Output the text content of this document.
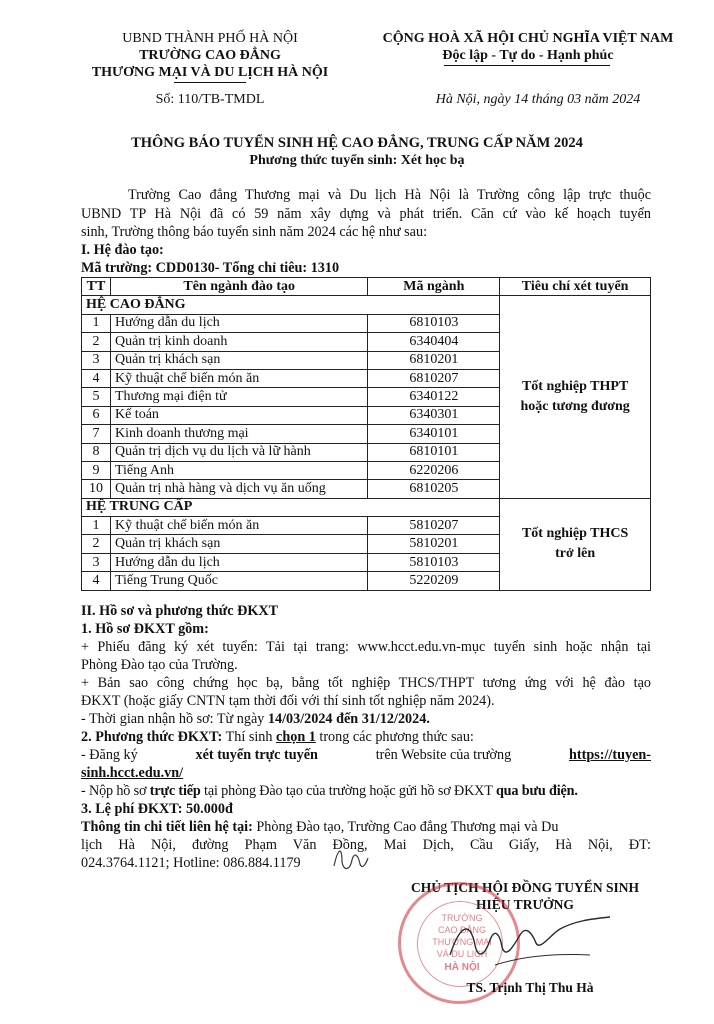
UBND THÀNH PHỐ HÀ NỘI
TRƯỜNG CAO ĐẲNG
THƯƠNG MẠI VÀ DU LỊCH HÀ NỘI
Số: 110/TB-TMDL
CỘNG HOÀ XÃ HỘI CHỦ NGHĨA VIỆT NAM
Độc lập - Tự do - Hạnh phúc
Hà Nội, ngày 14 tháng 03 năm 2024
THÔNG BÁO TUYỂN SINH HỆ CAO ĐẲNG, TRUNG CẤP NĂM 2024
Phương thức tuyển sinh: Xét học bạ
Trường Cao đẳng Thương mại và Du lịch Hà Nội là Trường công lập trực thuộc
UBND TP Hà Nội đã có 59 năm xây dựng và phát triển. Căn cứ vào kế hoạch tuyển
sinh, Trường thông báo tuyển sinh năm 2024 các hệ như sau:
I. Hệ đào tạo:
Mã trường: CDD0130- Tổng chỉ tiêu: 1310
TT	Tên ngành đào tạo	Mã ngành	Tiêu chí xét tuyển
HỆ CAO ĐẲNG			Tốt nghiệp THPT
hoặc tương đương

1	Hướng dẫn du lịch	6810103	
2	Quản trị kinh doanh	6340404	
3	Quản trị khách sạn	6810201	
4	Kỹ thuật chế biến món ăn	6810207	
5	Thương mại điện tử	6340122	
6	Kế toán	6340301	
7	Kinh doanh thương mại	6340101	
8	Quản trị dịch vụ du lịch và lữ hành	6810101	
9	Tiếng Anh	6220206	
10	Quản trị nhà hàng và dịch vụ ăn uống	6810205	
HỆ TRUNG CẤP			Tốt nghiệp THCS
trở lên

1	Kỹ thuật chế biến món ăn	5810207	
2	Quản trị khách sạn	5810201	
3	Hướng dẫn du lịch	5810103	
4	Tiếng Trung Quốc	5220209	
II. Hồ sơ và phương thức ĐKXT
1. Hồ sơ ĐKXT gồm:
+ Phiếu đăng ký xét tuyển: Tải tại trang: www.hcct.edu.vn-mục tuyển sinh hoặc nhận tại
Phòng Đào tạo của Trường.
+ Bản sao công chứng học bạ, bằng tốt nghiệp THCS/THPT tương ứng với hệ đào tạo
ĐKXT (hoặc giấy CNTN tạm thời đối với thí sinh tốt nghiệp năm 2024).
- Thời gian nhận hồ sơ: Từ ngày 14/03/2024 đến 31/12/2024.
2. Phương thức ĐKXT: Thí sinh chọn 1 trong các phương thức sau:
- Đăng ký	xét tuyển trực tuyến	trên Website của trường	https://tuyen-
sinh.hcct.edu.vn/
- Nộp hồ sơ trực tiếp tại phòng Đào tạo của trường hoặc gửi hồ sơ ĐKXT qua bưu điện.
3. Lệ phí ĐKXT: 50.000đ
Thông tin chi tiết liên hệ tại: Phòng Đào tạo, Trường Cao đẳng Thương mại và Du
lịch Hà Nội, đường Phạm Văn Đồng, Mai Dịch, Cầu Giấy, Hà Nội, ĐT:
024.3764.1121; Hotline: 086.884.1179
CHỦ TỊCH HỘI ĐỒNG TUYỂN SINH
HIỆU TRƯỞNG
TRƯỜNG
CAO ĐẲNG
THƯƠNG MẠI
VÀ DU LỊCH
HÀ NỘI
TS. Trịnh Thị Thu Hà
